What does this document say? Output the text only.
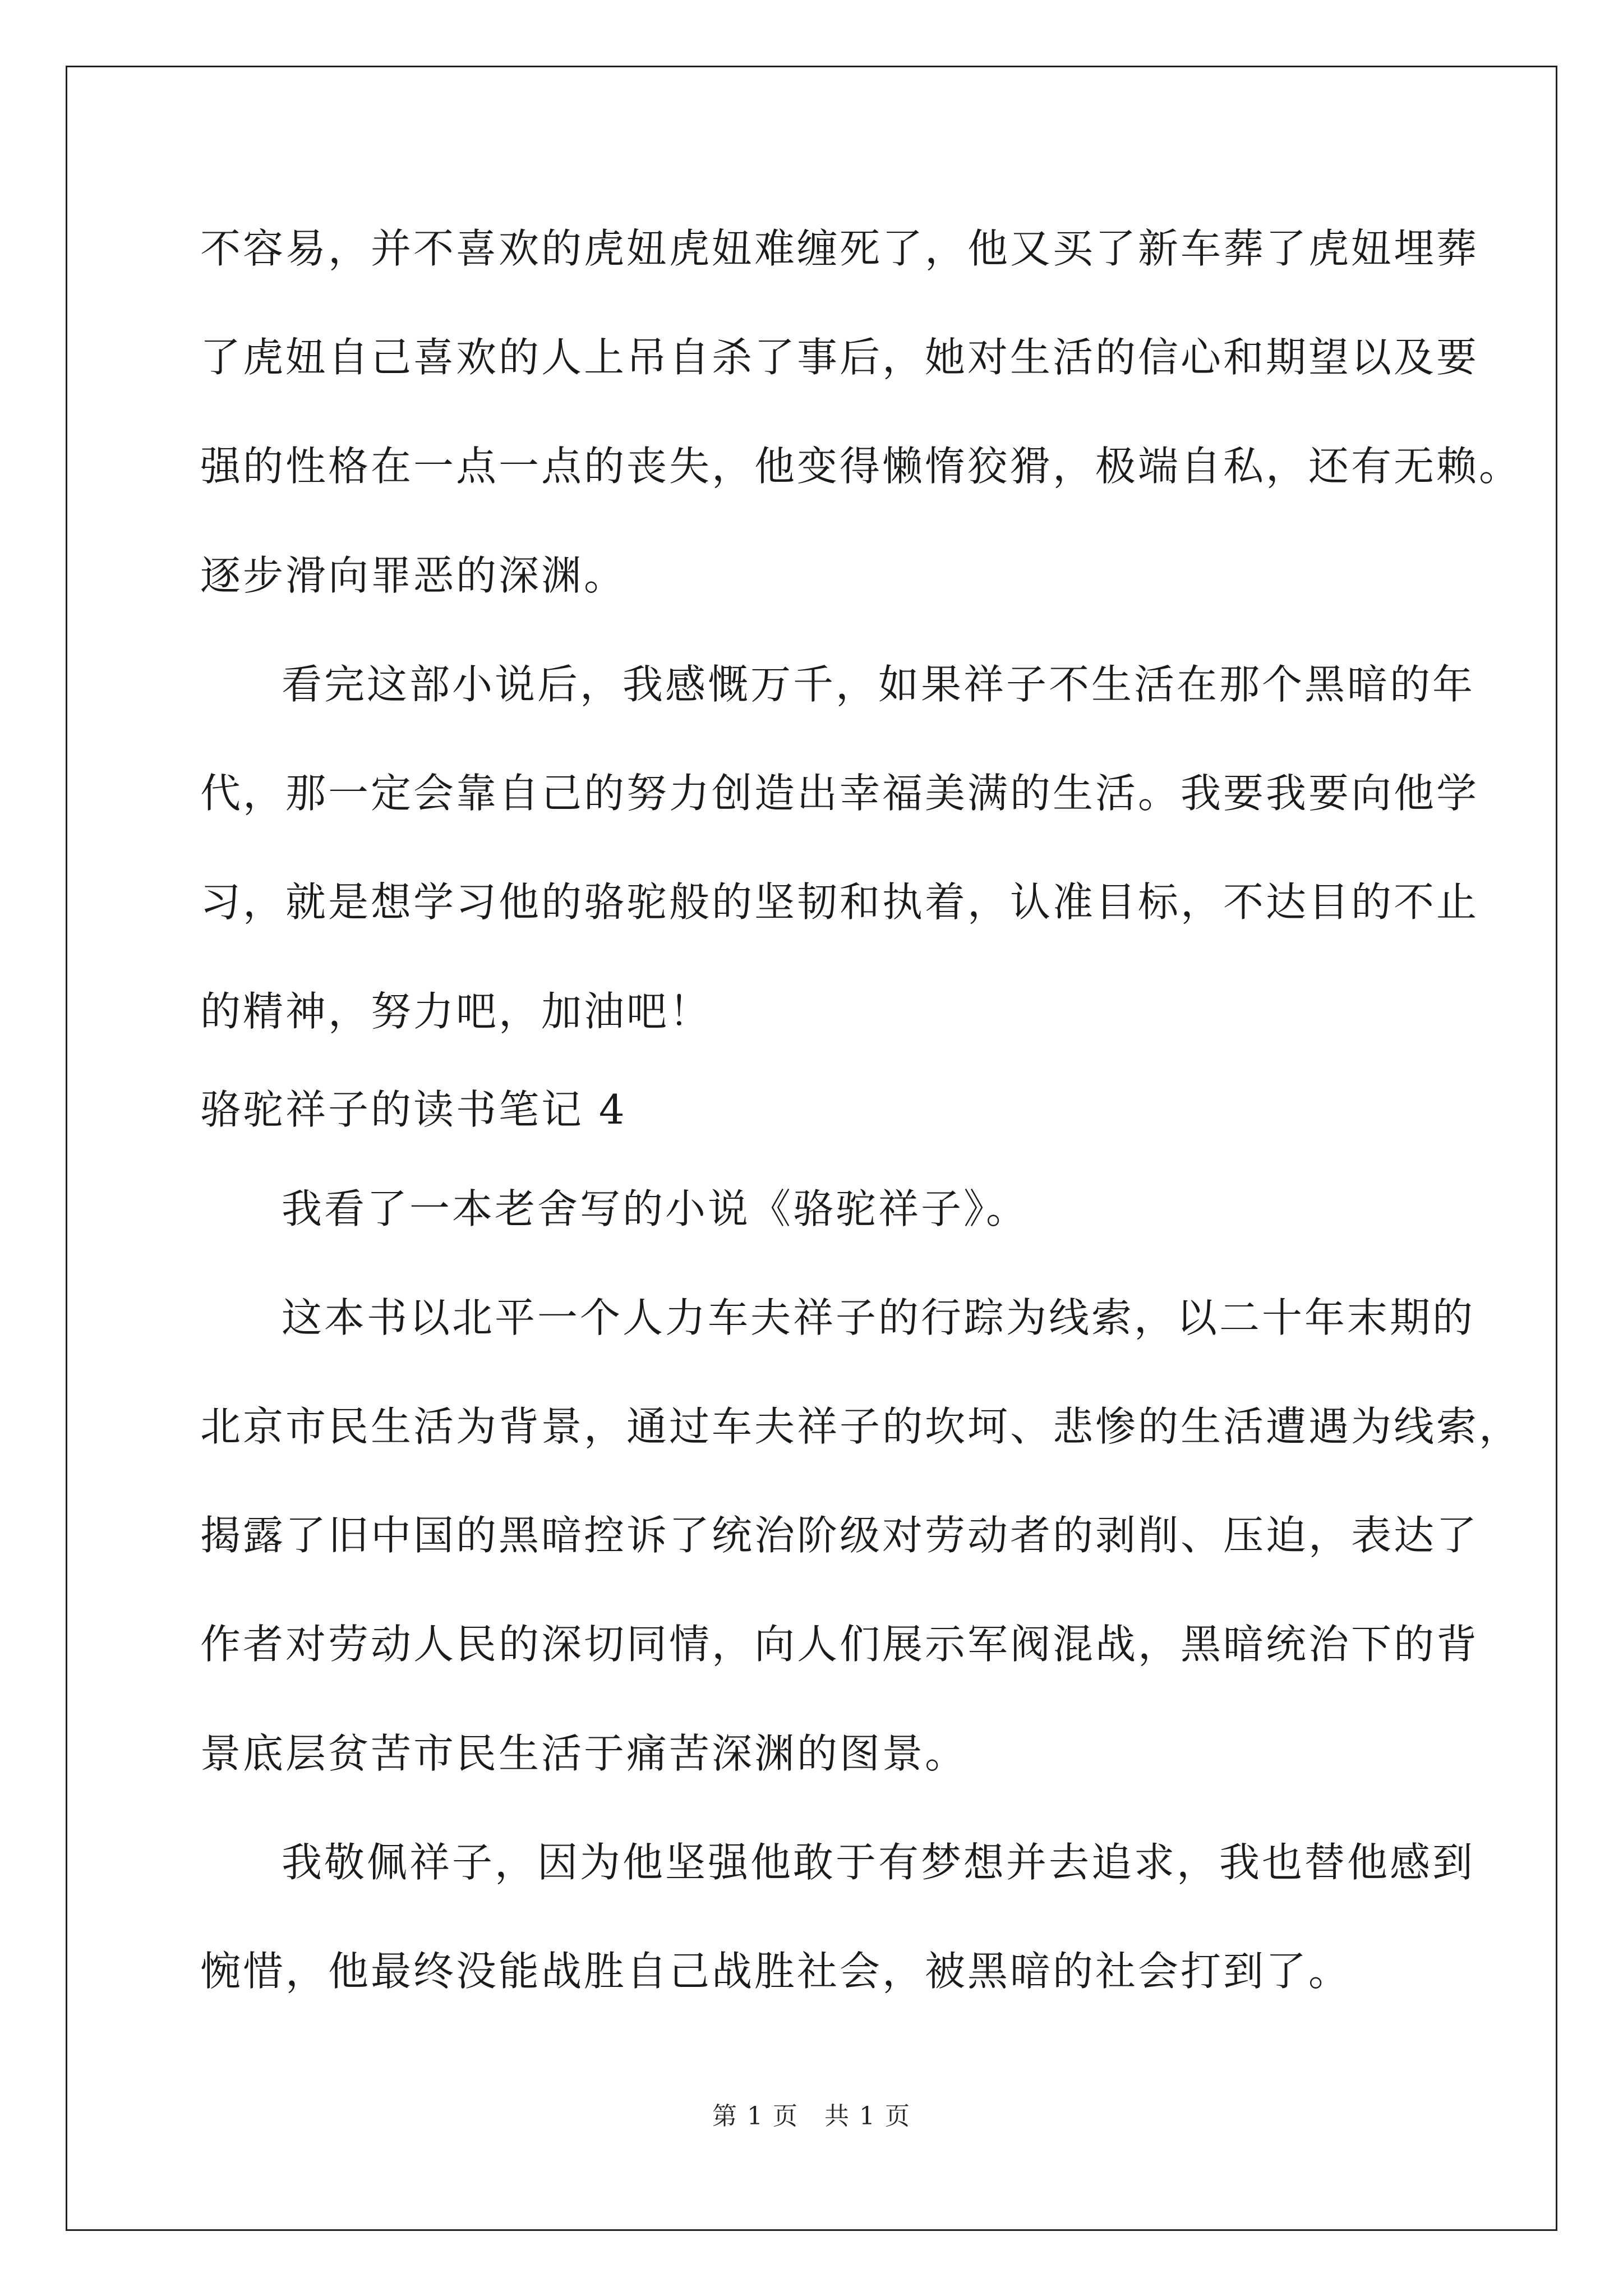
不容易，并不喜欢的虎妞虎妞难缠死了，他又买了新车葬了虎妞埋葬
了虎妞自己喜欢的人上吊自杀了事后，她对生活的信心和期望以及要
强的性格在一点一点的丧失，他变得懒惰狡猾，极端自私，还有无赖。
逐步滑向罪恶的深渊。
看完这部小说后，我感慨万千，如果祥子不生活在那个黑暗的年
代，那一定会靠自己的努力创造出幸福美满的生活。我要我要向他学
习，就是想学习他的骆驼般的坚韧和执着，认准目标，不达目的不止
的精神，努力吧，加油吧！
骆驼祥子的读书笔记 4
我看了一本老舍写的小说《骆驼祥子》。
这本书以北平一个人力车夫祥子的行踪为线索，以二十年末期的
北京市民生活为背景，通过车夫祥子的坎坷、悲惨的生活遭遇为线索，
揭露了旧中国的黑暗控诉了统治阶级对劳动者的剥削、压迫，表达了
作者对劳动人民的深切同情，向人们展示军阀混战，黑暗统治下的背
景底层贫苦市民生活于痛苦深渊的图景。
我敬佩祥子，因为他坚强他敢于有梦想并去追求，我也替他感到
惋惜，他最终没能战胜自己战胜社会，被黑暗的社会打到了。
第 1 页　共 1 页
